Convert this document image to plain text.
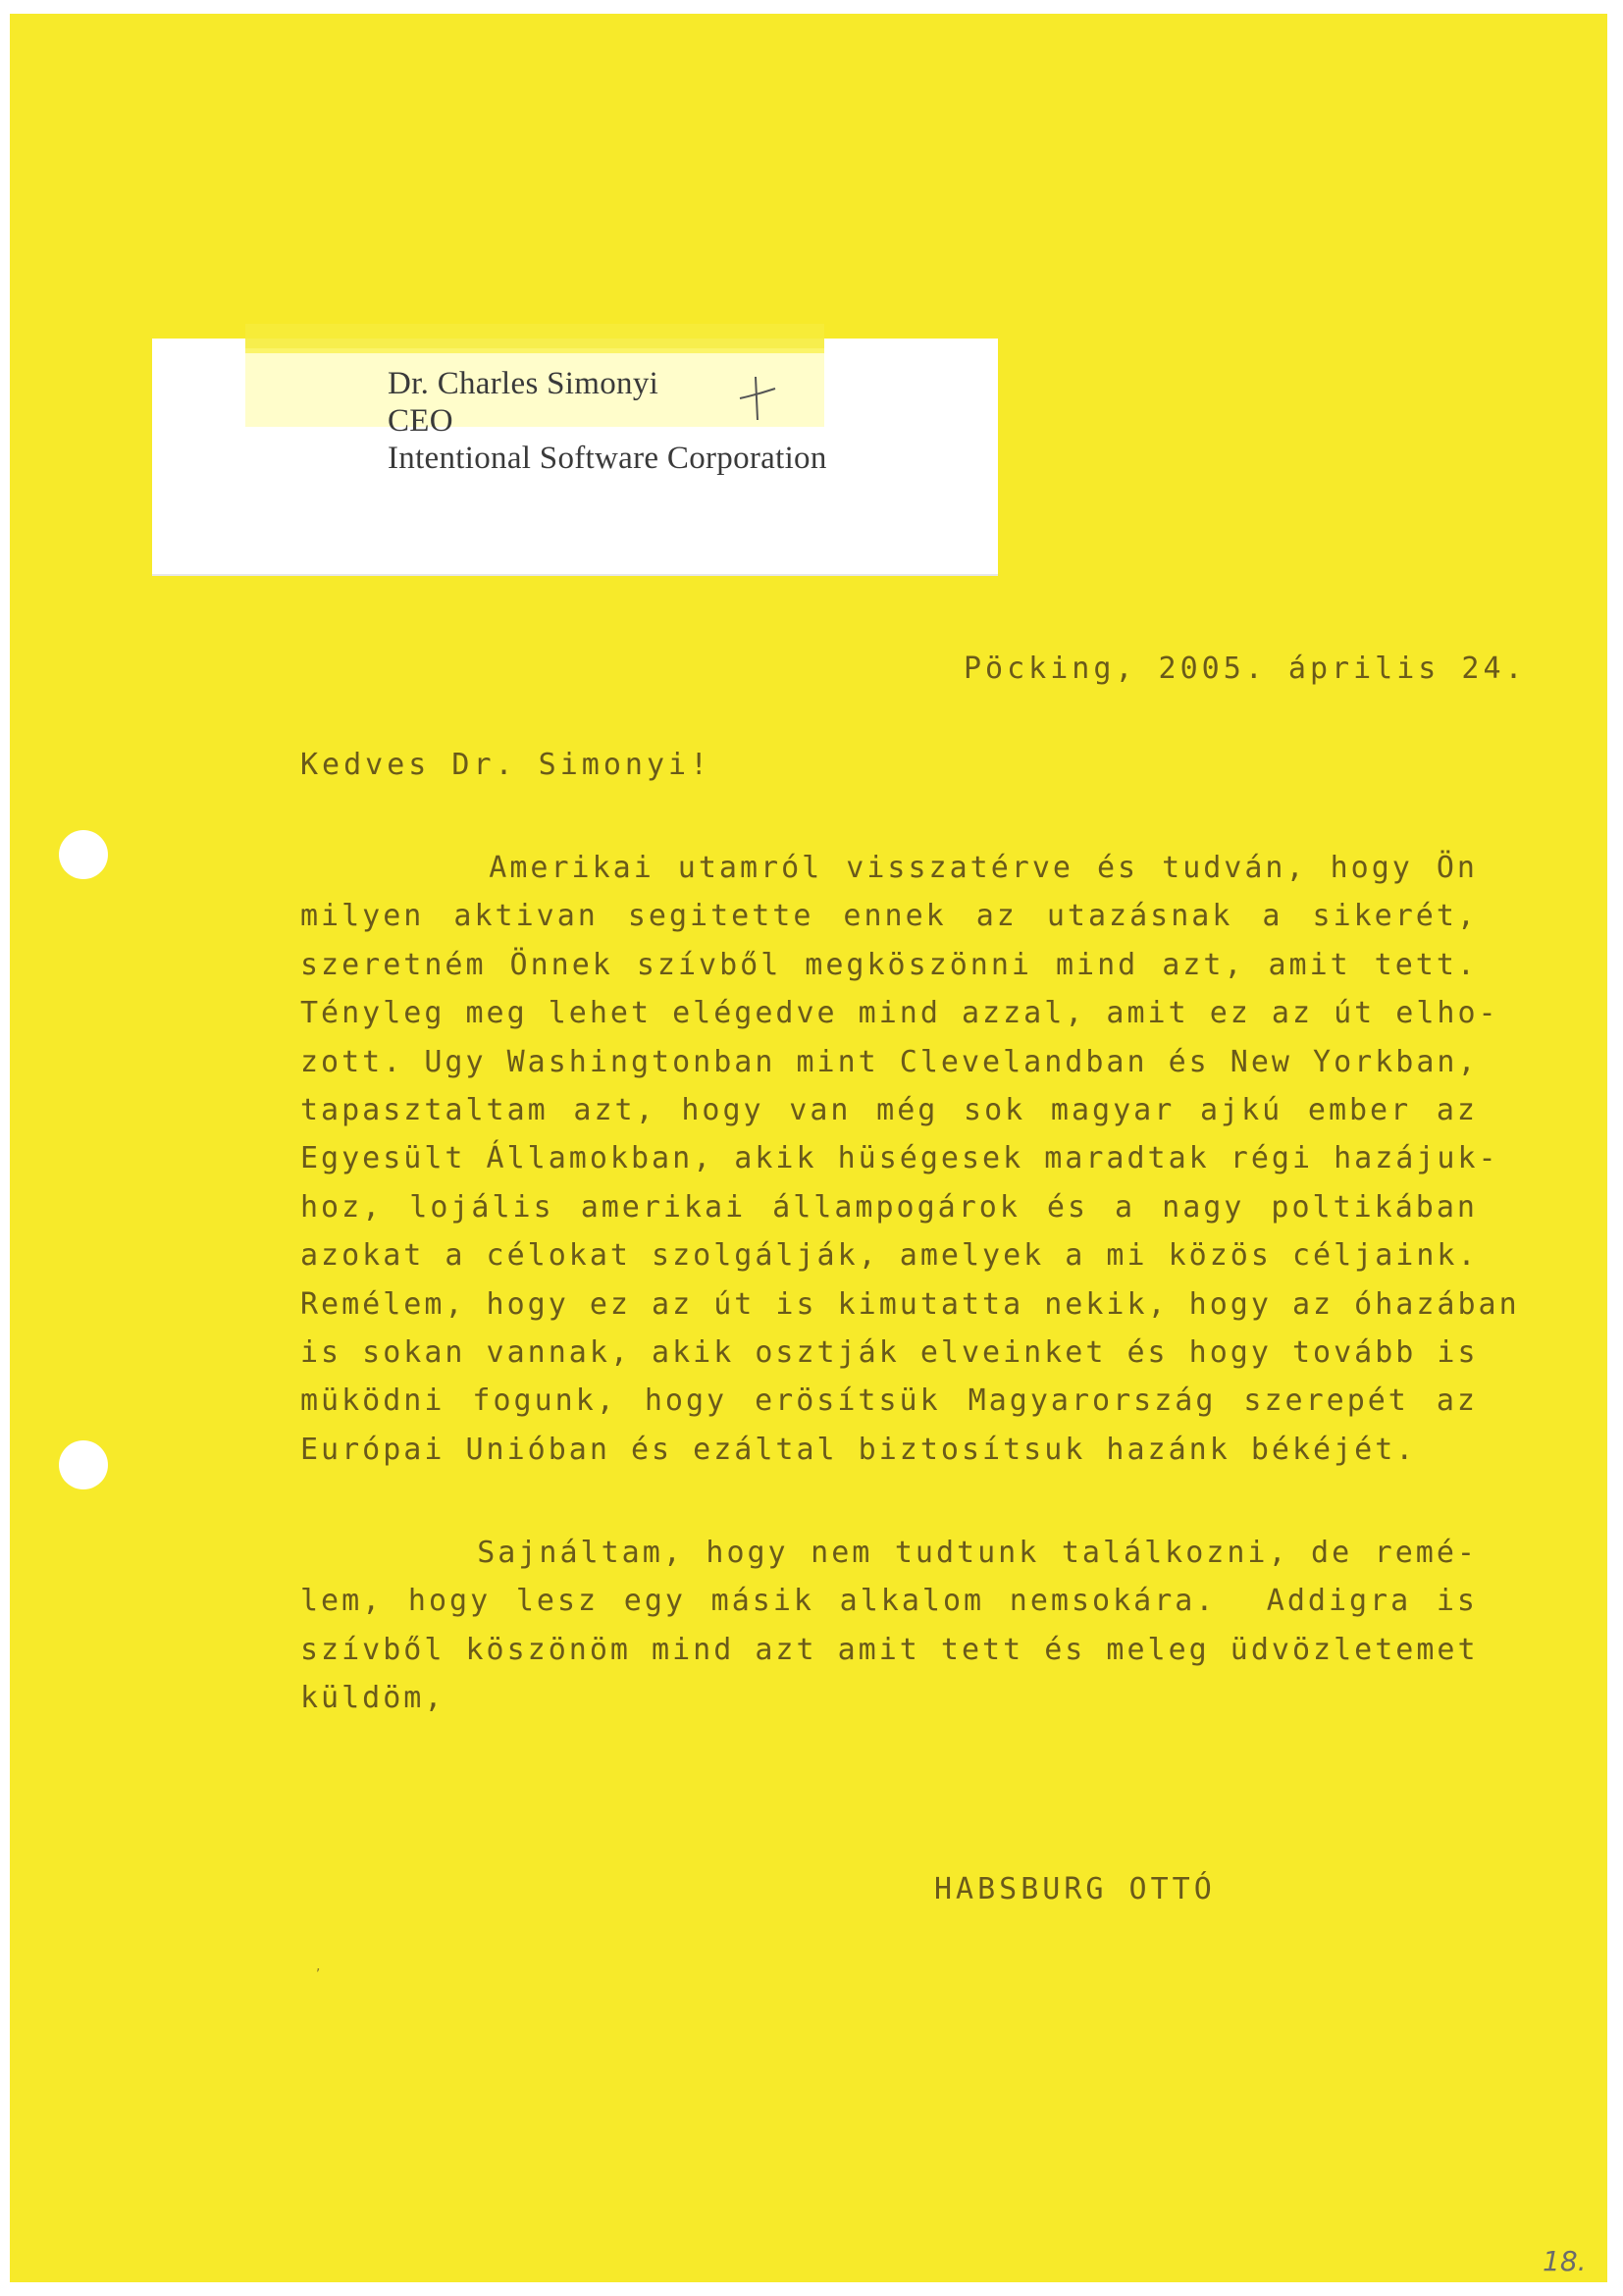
Dr. Charles Simonyi
CEO
Intentional Software Corporation
Pöcking, 2005. április 24.
Kedves Dr. Simonyi!
Amerikai utamról visszatérve és tudván, hogy Ön
milyen aktivan segitette ennek az utazásnak a sikerét,
szeretném Önnek szívből megköszönni mind azt, amit tett.
Tényleg meg lehet elégedve mind azzal, amit ez az út elho-
zott. Ugy Washingtonban mint Clevelandban és New Yorkban,
tapasztaltam azt, hogy van még sok magyar ajkú ember az
Egyesült Államokban, akik hüségesek maradtak régi hazájuk-
hoz, lojális amerikai állampogárok és a nagy poltikában
azokat a célokat szolgálják, amelyek a mi közös céljaink.
Remélem, hogy ez az út is kimutatta nekik, hogy az óhazában
is sokan vannak, akik osztják elveinket és hogy tovább is
müködni fogunk, hogy erösítsük Magyarország szerepét az
Európai Unióban és ezáltal biztosítsuk hazánk békéjét.
Sajnáltam, hogy nem tudtunk találkozni, de remé-
lem, hogy lesz egy másik alkalom nemsokára.  Addigra is
szívből köszönöm mind azt amit tett és meleg üdvözletemet
küldöm,
HABSBURG OTTÓ
,
18.
